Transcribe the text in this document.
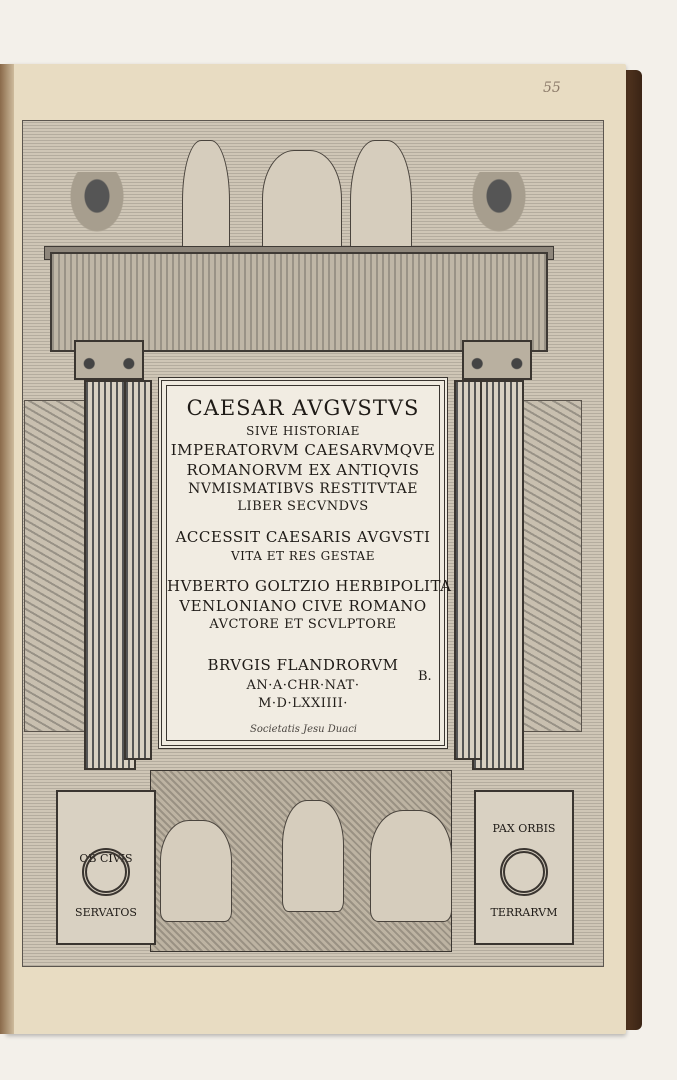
55
CAESAR AVGVSTVS
SIVE HISTORIAE
IMPERATORVM CAESARVMQVE
ROMANORVM EX ANTIQVIS
NVMISMATIBVS RESTITVTAE
LIBER SECVNDVS
ACCESSIT CAESARIS AVGVSTI
VITA ET RES GESTAE
HVBERTO GOLTZIO HERBIPOLITA
VENLONIANO CIVE ROMANO
AVCTORE ET SCVLPTORE
BRVGIS FLANDRORVM
AN·A·CHR·NAT·
M·D·LXXIIII·
B.
Societatis Jesu Duaci
OB CIVIS
SERVATOS
PAX ORBIS
TERRARVM
